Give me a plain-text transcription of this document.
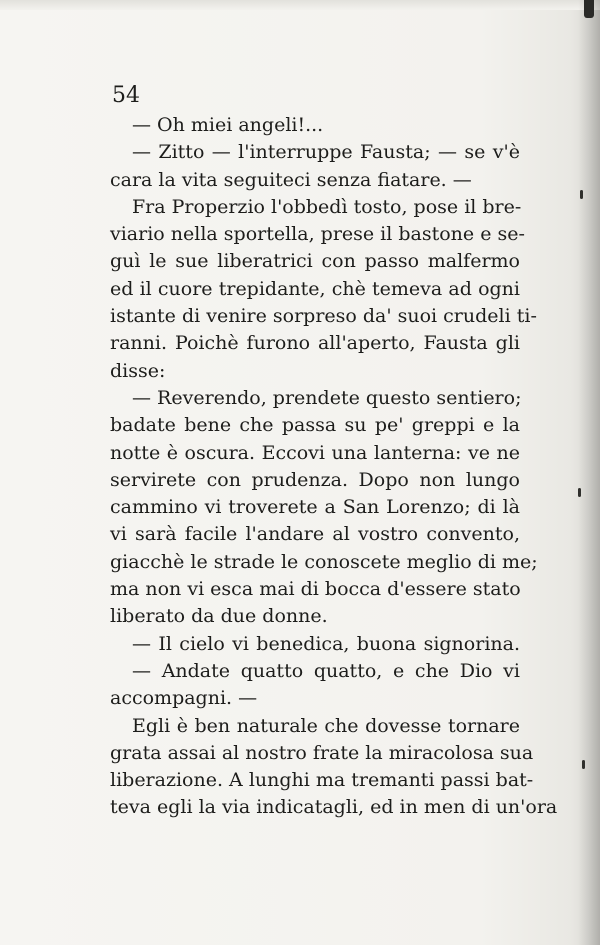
54
— Oh miei angeli!...
— Zitto — l'interruppe Fausta; — se v'è
cara la vita seguiteci senza fiatare. —
Fra Properzio l'obbedì tosto, pose il bre-
viario nella sportella, prese il bastone e se-
guì le sue liberatrici con passo malfermo
ed il cuore trepidante, chè temeva ad ogni
istante di venire sorpreso da' suoi crudeli ti-
ranni. Poichè furono all'aperto, Fausta gli
disse:
— Reverendo, prendete questo sentiero;
badate bene che passa su pe' greppi e la
notte è oscura. Eccovi una lanterna: ve ne
servirete con prudenza. Dopo non lungo
cammino vi troverete a San Lorenzo; di là
vi sarà facile l'andare al vostro convento,
giacchè le strade le conoscete meglio di me;
ma non vi esca mai di bocca d'essere stato
liberato da due donne.
— Il cielo vi benedica, buona signorina.
— Andate quatto quatto, e che Dio vi
accompagni. —
Egli è ben naturale che dovesse tornare
grata assai al nostro frate la miracolosa sua
liberazione. A lunghi ma tremanti passi bat-
teva egli la via indicatagli, ed in men di un'ora
